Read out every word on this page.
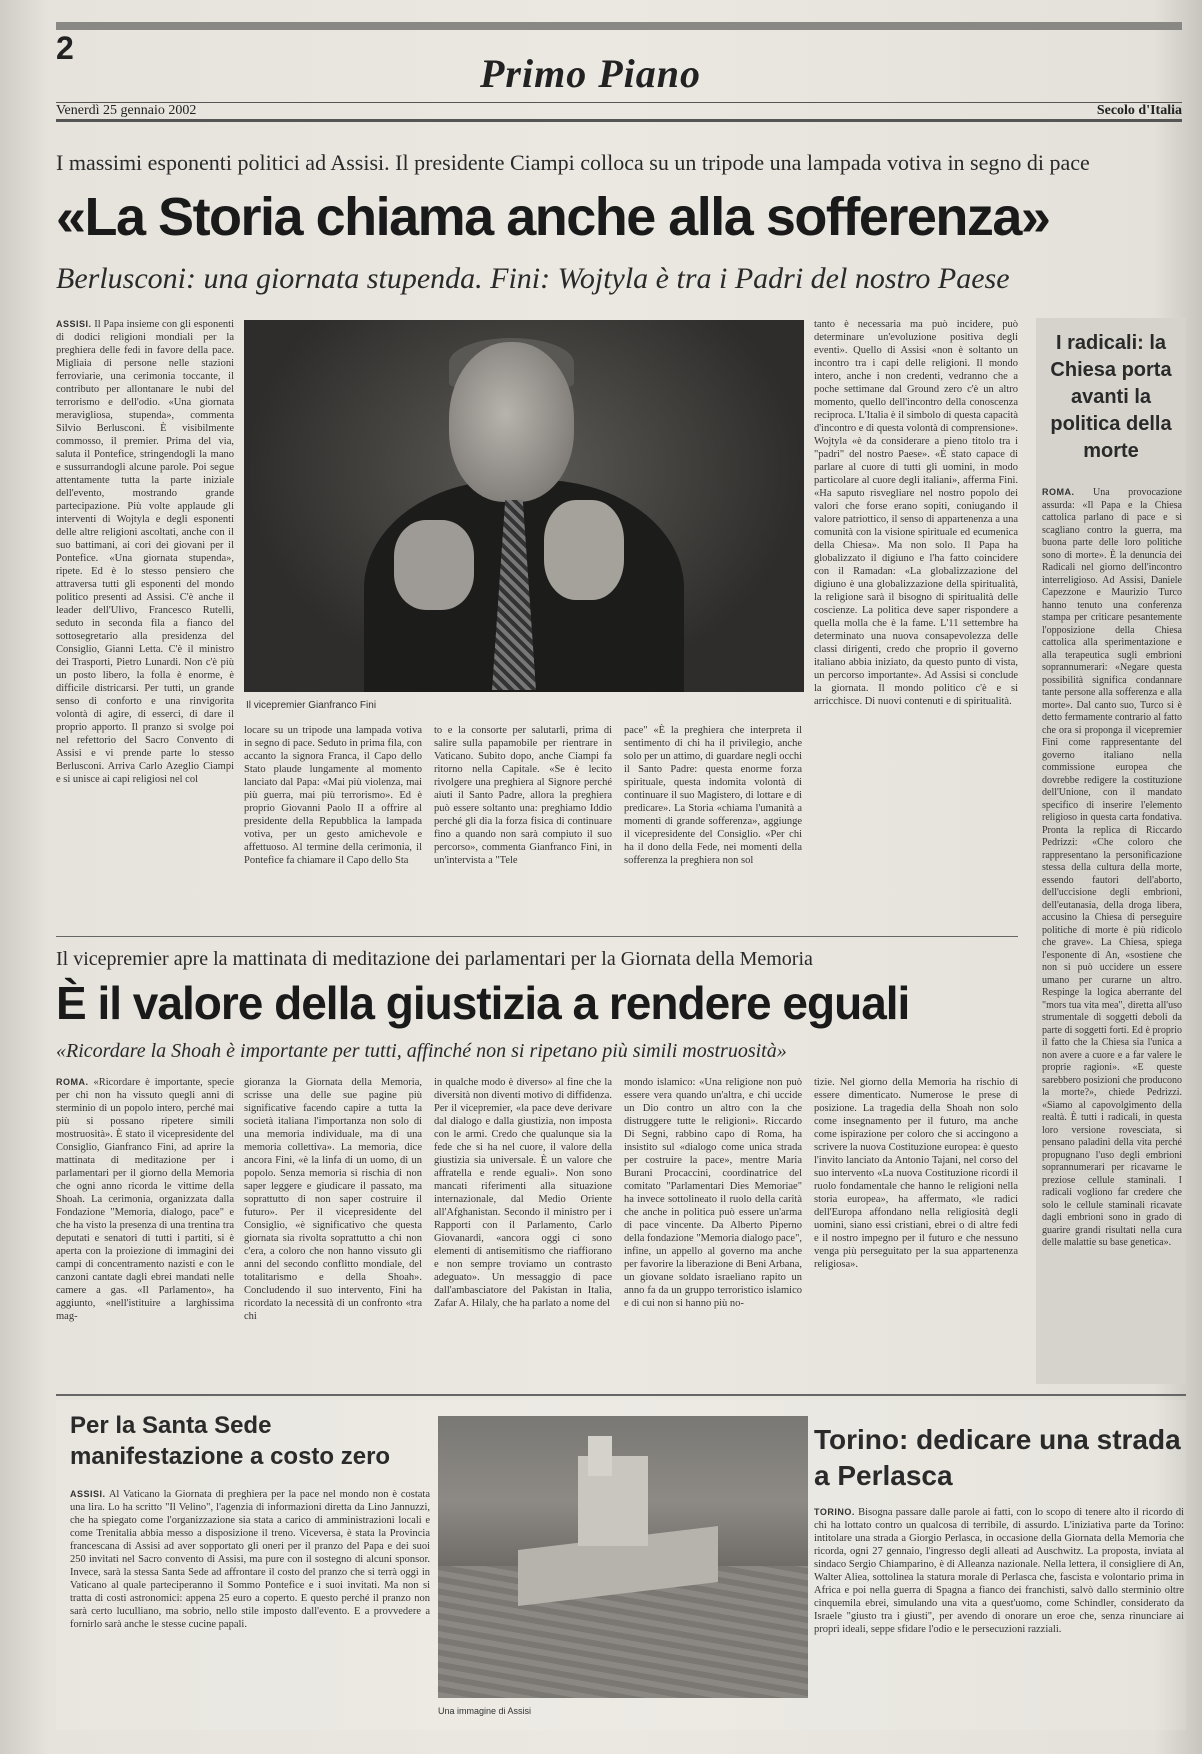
2
Primo Piano
Venerdì 25 gennaio 2002	Secolo d'Italia
I massimi esponenti politici ad Assisi. Il presidente Ciampi colloca su un tripode una lampada votiva in segno di pace
«La Storia chiama anche alla sofferenza»
Berlusconi: una giornata stupenda. Fini: Wojtyla è tra i Padri del nostro Paese
ASSISI. Il Papa insieme con gli esponenti di dodici religioni mondiali per la preghiera delle fedi in favore della pace. Migliaia di persone nelle stazioni ferroviarie, una cerimonia toccante, il contributo per allontanare le nubi del terrorismo e dell'odio. «Una giornata meravigliosa, stupenda», commenta Silvio Berlusconi. È visibilmente commosso, il premier. Prima del via, saluta il Pontefice, stringendogli la mano e sussurrandogli alcune parole. Poi segue attentamente tutta la parte iniziale dell'evento, mostrando grande partecipazione. Più volte applaude gli interventi di Wojtyla e degli esponenti delle altre religioni ascoltati, anche con il suo battimani, ai cori dei giovani per il Pontefice. «Una giornata stupenda», ripete. Ed è lo stesso pensiero che attraversa tutti gli esponenti del mondo politico presenti ad Assisi. C'è anche il leader dell'Ulivo, Francesco Rutelli, seduto in seconda fila a fianco del sottosegretario alla presidenza del Consiglio, Gianni Letta. C'è il ministro dei Trasporti, Pietro Lunardi. Non c'è più un posto libero, la folla è enorme, è difficile districarsi. Per tutti, un grande senso di conforto e una rinvigorita volontà di agire, di esserci, di dare il proprio apporto. Il pranzo si svolge poi nel refettorio del Sacro Convento di Assisi e vi prende parte lo stesso Berlusconi. Arriva Carlo Azeglio Ciampi e si unisce ai capi religiosi nel col
Il vicepremier Gianfranco Fini
locare su un tripode una lampada votiva in segno di pace. Seduto in prima fila, con accanto la signora Franca, il Capo dello Stato plaude lungamente al momento lanciato dal Papa: «Mai più violenza, mai più guerra, mai più terrorismo». Ed è proprio Giovanni Paolo II a offrire al presidente della Repubblica la lampada votiva, per un gesto amichevole e affettuoso. Al termine della cerimonia, il Pontefice fa chiamare il Capo dello Sta
to e la consorte per salutarli, prima di salire sulla papamobile per rientrare in Vaticano. Subito dopo, anche Ciampi fa ritorno nella Capitale. «Se è lecito rivolgere una preghiera al Signore perché aiuti il Santo Padre, allora la preghiera può essere soltanto una: preghiamo Iddio perché gli dia la forza fisica di continuare fino a quando non sarà compiuto il suo percorso», commenta Gianfranco Fini, in un'intervista a "Tele
pace" «È la preghiera che interpreta il sentimento di chi ha il privilegio, anche solo per un attimo, di guardare negli occhi il Santo Padre: questa enorme forza spirituale, questa indomita volontà di continuare il suo Magistero, di lottare e di predicare». La Storia «chiama l'umanità a momenti di grande sofferenza», aggiunge il vicepresidente del Consiglio. «Per chi ha il dono della Fede, nei momenti della sofferenza la preghiera non sol
tanto è necessaria ma può incidere, può determinare un'evoluzione positiva degli eventi». Quello di Assisi «non è soltanto un incontro tra i capi delle religioni. Il mondo intero, anche i non credenti, vedranno che a poche settimane dal Ground zero c'è un altro momento, quello dell'incontro della conoscenza reciproca. L'Italia è il simbolo di questa capacità d'incontro e di questa volontà di comprensione». Wojtyla «è da considerare a pieno titolo tra i "padri" del nostro Paese». «È stato capace di parlare al cuore di tutti gli uomini, in modo particolare al cuore degli italiani», afferma Fini. «Ha saputo risvegliare nel nostro popolo dei valori che forse erano sopiti, coniugando il valore patriottico, il senso di appartenenza a una comunità con la visione spirituale ed ecumenica della Chiesa». Ma non solo. Il Papa ha globalizzato il digiuno e l'ha fatto coincidere con il Ramadan: «La globalizzazione del digiuno è una globalizzazione della spiritualità, la religione sarà il bisogno di spiritualità delle coscienze. La politica deve saper rispondere a quella molla che è la fame. L'11 settembre ha determinato una nuova consapevolezza delle classi dirigenti, credo che proprio il governo italiano abbia iniziato, da questo punto di vista, un percorso importante». Ad Assisi si conclude la giornata. Il mondo politico c'è e si arricchisce. Di nuovi contenuti e di spiritualità.
I radicali: la Chiesa porta avanti la politica della morte
ROMA. Una provocazione assurda: «Il Papa e la Chiesa cattolica parlano di pace e si scagliano contro la guerra, ma buona parte delle loro politiche sono di morte». È la denuncia dei Radicali nel giorno dell'incontro interreligioso. Ad Assisi, Daniele Capezzone e Maurizio Turco hanno tenuto una conferenza stampa per criticare pesantemente l'opposizione della Chiesa cattolica alla sperimentazione e alla terapeutica sugli embrioni soprannumerari: «Negare questa possibilità significa condannare tante persone alla sofferenza e alla morte». Dal canto suo, Turco si è detto fermamente contrario al fatto che ora si proponga il vicepremier Fini come rappresentante del governo italiano nella commissione europea che dovrebbe redigere la costituzione dell'Unione, con il mandato specifico di inserire l'elemento religioso in questa carta fondativa. Pronta la replica di Riccardo Pedrizzi: «Che coloro che rappresentano la personificazione stessa della cultura della morte, essendo fautori dell'aborto, dell'uccisione degli embrioni, dell'eutanasia, della droga libera, accusino la Chiesa di perseguire politiche di morte è più ridicolo che grave». La Chiesa, spiega l'esponente di An, «sostiene che non si può uccidere un essere umano per curarne un altro. Respinge la logica aberrante del "mors tua vita mea", diretta all'uso strumentale di soggetti deboli da parte di soggetti forti. Ed è proprio il fatto che la Chiesa sia l'unica a non avere a cuore e a far valere le proprie ragioni». «E queste sarebbero posizioni che producono la morte?», chiede Pedrizzi. «Siamo al capovolgimento della realtà. È tutti i radicali, in questa loro versione rovesciata, si pensano paladini della vita perché propugnano l'uso degli embrioni soprannumerari per ricavarne le preziose cellule staminali. I radicali vogliono far credere che solo le cellule staminali ricavate dagli embrioni sono in grado di guarire grandi risultati nella cura delle malattie su base genetica».
Il vicepremier apre la mattinata di meditazione dei parlamentari per la Giornata della Memoria
È il valore della giustizia a rendere eguali
«Ricordare la Shoah è importante per tutti, affinché non si ripetano più simili mostruosità»
ROMA. «Ricordare è importante, specie per chi non ha vissuto quegli anni di sterminio di un popolo intero, perché mai più si possano ripetere simili mostruosità». È stato il vicepresidente del Consiglio, Gianfranco Fini, ad aprire la mattinata di meditazione per i parlamentari per il giorno della Memoria che ogni anno ricorda le vittime della Shoah. La cerimonia, organizzata dalla Fondazione "Memoria, dialogo, pace" e che ha visto la presenza di una trentina tra deputati e senatori di tutti i partiti, si è aperta con la proiezione di immagini dei campi di concentramento nazisti e con le canzoni cantate dagli ebrei mandati nelle camere a gas. «Il Parlamento», ha aggiunto, «nell'istituire a larghissima mag-
gioranza la Giornata della Memoria, scrisse una delle sue pagine più significative facendo capire a tutta la società italiana l'importanza non solo di una memoria individuale, ma di una memoria collettiva». La memoria, dice ancora Fini, «è la linfa di un uomo, di un popolo. Senza memoria si rischia di non saper leggere e giudicare il passato, ma soprattutto di non saper costruire il futuro». Per il vicepresidente del Consiglio, «è significativo che questa giornata sia rivolta soprattutto a chi non c'era, a coloro che non hanno vissuto gli anni del secondo conflitto mondiale, del totalitarismo e della Shoah». Concludendo il suo intervento, Fini ha ricordato la necessità di un confronto «tra chi
in qualche modo è diverso» al fine che la diversità non diventi motivo di diffidenza. Per il vicepremier, «la pace deve derivare dal dialogo e dalla giustizia, non imposta con le armi. Credo che qualunque sia la fede che si ha nel cuore, il valore della giustizia sia universale. È un valore che affratella e rende eguali». Non sono mancati riferimenti alla situazione internazionale, dal Medio Oriente all'Afghanistan. Secondo il ministro per i Rapporti con il Parlamento, Carlo Giovanardi, «ancora oggi ci sono elementi di antisemitismo che riaffiorano e non sempre troviamo un contrasto adeguato». Un messaggio di pace dall'ambasciatore del Pakistan in Italia, Zafar A. Hilaly, che ha parlato a nome del
mondo islamico: «Una religione non può essere vera quando un'altra, e chi uccide un Dio contro un altro con la che distruggere tutte le religioni». Riccardo Di Segni, rabbino capo di Roma, ha insistito sul «dialogo come unica strada per costruire la pace», mentre Maria Burani Procaccini, coordinatrice del comitato "Parlamentari Dies Memoriae" ha invece sottolineato il ruolo della carità che anche in politica può essere un'arma di pace vincente. Da Alberto Piperno della fondazione "Memoria dialogo pace", infine, un appello al governo ma anche per favorire la liberazione di Beni Arbana, un giovane soldato israeliano rapito un anno fa da un gruppo terroristico islamico e di cui non si hanno più no-
tizie. Nel giorno della Memoria ha rischio di essere dimenticato. Numerose le prese di posizione. La tragedia della Shoah non solo come insegnamento per il futuro, ma anche come ispirazione per coloro che si accingono a scrivere la nuova Costituzione europea: è questo l'invito lanciato da Antonio Tajani, nel corso del suo intervento «La nuova Costituzione ricordi il ruolo fondamentale che hanno le religioni nella storia europea», ha affermato, «le radici dell'Europa affondano nella religiosità degli uomini, siano essi cristiani, ebrei o di altre fedi e il nostro impegno per il futuro e che nessuno venga più perseguitato per la sua appartenenza religiosa».
Per la Santa Sede manifestazione a costo zero
ASSISI. Al Vaticano la Giornata di preghiera per la pace nel mondo non è costata una lira. Lo ha scritto "Il Velino", l'agenzia di informazioni diretta da Lino Jannuzzi, che ha spiegato come l'organizzazione sia stata a carico di amministrazioni locali e come Trenitalia abbia messo a disposizione il treno. Viceversa, è stata la Provincia francescana di Assisi ad aver sopportato gli oneri per il pranzo del Papa e dei suoi 250 invitati nel Sacro convento di Assisi, ma pure con il sostegno di alcuni sponsor. Invece, sarà la stessa Santa Sede ad affrontare il costo del pranzo che si terrà oggi in Vaticano al quale parteciperanno il Sommo Pontefice e i suoi invitati. Ma non si tratta di costi astronomici: appena 25 euro a coperto. E questo perché il pranzo non sarà certo luculliano, ma sobrio, nello stile imposto dall'evento. E a provvedere a fornirlo sarà anche le stesse cucine papali.
Una immagine di Assisi
Torino: dedicare una strada a Perlasca
TORINO. Bisogna passare dalle parole ai fatti, con lo scopo di tenere alto il ricordo di chi ha lottato contro un qualcosa di terribile, di assurdo. L'iniziativa parte da Torino: intitolare una strada a Giorgio Perlasca, in occasione della Giornata della Memoria che ricorda, ogni 27 gennaio, l'ingresso degli alleati ad Auschwitz. La proposta, inviata al sindaco Sergio Chiamparino, è di Alleanza nazionale. Nella lettera, il consigliere di An, Walter Aliea, sottolinea la statura morale di Perlasca che, fascista e volontario prima in Africa e poi nella guerra di Spagna a fianco dei franchisti, salvò dallo sterminio oltre cinquemila ebrei, simulando una vita a quest'uomo, come Schindler, considerato da Israele "giusto tra i giusti", per avendo di onorare un eroe che, senza rinunciare ai propri ideali, seppe sfidare l'odio e le persecuzioni razziali.
